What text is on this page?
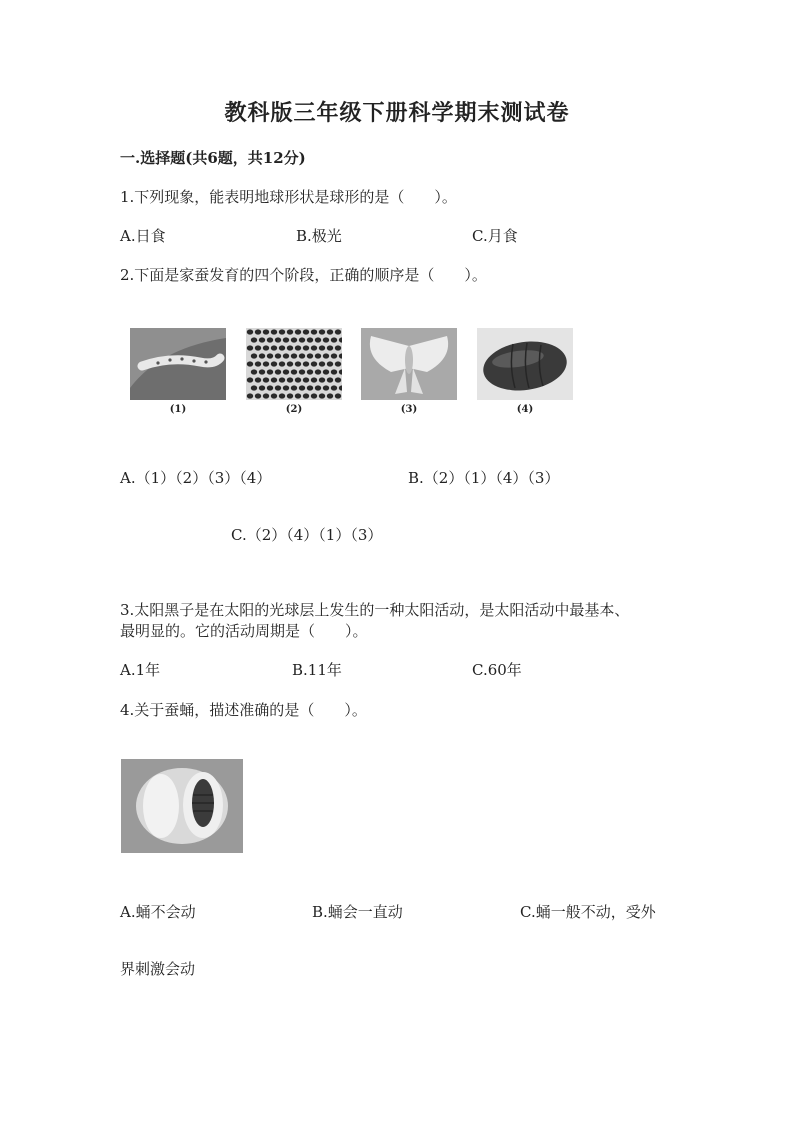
教科版三年级下册科学期末测试卷
一.选择题(共6题，共12分)
1.下列现象，能表明地球形状是球形的是（　　）。
A.日食	B.极光	C.月食
2.下面是家蚕发育的四个阶段，正确的顺序是（　　）。
(1)	(2)	(3)	(4)
A.（1）（2）（3）（4）	B.（2）（1）（4）（3）
C.（2）（4）（1）（3）
3.太阳黑子是在太阳的光球层上发生的一种太阳活动，是太阳活动中最基本、
最明显的。它的活动周期是（　　）。
A.1年	B.11年	C.60年
4.关于蚕蛹，描述准确的是（　　）。
A.蛹不会动	B.蛹会一直动	C.蛹一般不动，受外
界刺激会动
